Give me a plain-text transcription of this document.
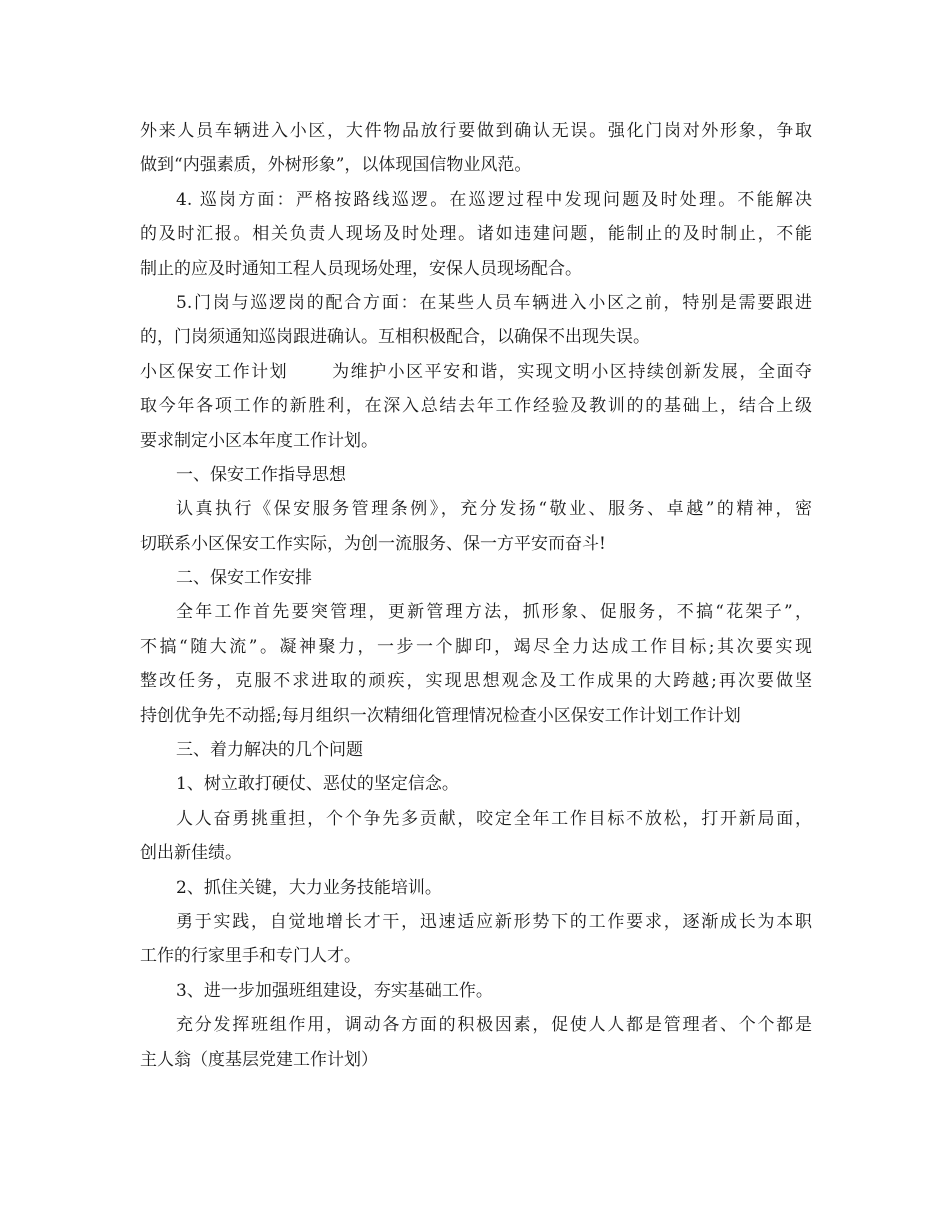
外来人员车辆进入小区，大件物品放行要做到确认无误。强化门岗对外形象，争取
做到“内强素质，外树形象”，以体现国信物业风范。
4. 巡岗方面：严格按路线巡逻。在巡逻过程中发现问题及时处理。不能解决
的及时汇报。相关负责人现场及时处理。诸如违建问题，能制止的及时制止，不能
制止的应及时通知工程人员现场处理，安保人员现场配合。
5.门岗与巡逻岗的配合方面：在某些人员车辆进入小区之前，特别是需要跟进
的，门岗须通知巡岗跟进确认。互相积极配合，以确保不出现失误。
小区保安工作计划　　 为维护小区平安和谐，实现文明小区持续创新发展，全面夺
取今年各项工作的新胜利，在深入总结去年工作经验及教训的的基础上，结合上级
要求制定小区本年度工作计划。
一、保安工作指导思想
认真执行《保安服务管理条例》，充分发扬“敬业、服务、卓越”的精神，密
切联系小区保安工作实际，为创一流服务、保一方平安而奋斗!
二、保安工作安排
全年工作首先要突管理，更新管理方法，抓形象、促服务，不搞“花架子”，
不搞“随大流”。凝神聚力，一步一个脚印，竭尽全力达成工作目标;其次要实现
整改任务，克服不求进取的顽疾，实现思想观念及工作成果的大跨越;再次要做坚
持创优争先不动摇;每月组织一次精细化管理情况检查小区保安工作计划工作计划
三、着力解决的几个问题
1、树立敢打硬仗、恶仗的坚定信念。
人人奋勇挑重担，个个争先多贡献，咬定全年工作目标不放松，打开新局面，
创出新佳绩。
2、抓住关键，大力业务技能培训。
勇于实践，自觉地增长才干，迅速适应新形势下的工作要求，逐渐成长为本职
工作的行家里手和专门人才。
3、进一步加强班组建设，夯实基础工作。
充分发挥班组作用，调动各方面的积极因素，促使人人都是管理者、个个都是
主人翁（度基层党建工作计划）
